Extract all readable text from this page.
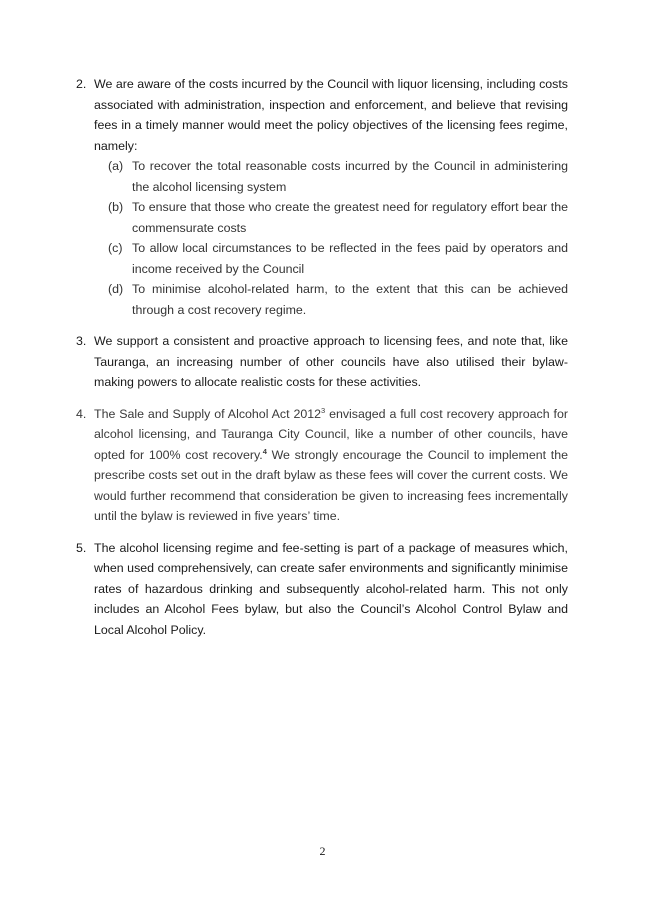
2. We are aware of the costs incurred by the Council with liquor licensing, including costs associated with administration, inspection and enforcement, and believe that revising fees in a timely manner would meet the policy objectives of the licensing fees regime, namely:
(a) To recover the total reasonable costs incurred by the Council in administering the alcohol licensing system
(b) To ensure that those who create the greatest need for regulatory effort bear the commensurate costs
(c) To allow local circumstances to be reflected in the fees paid by operators and income received by the Council
(d) To minimise alcohol-related harm, to the extent that this can be achieved through a cost recovery regime.
3. We support a consistent and proactive approach to licensing fees, and note that, like Tauranga, an increasing number of other councils have also utilised their bylaw-making powers to allocate realistic costs for these activities.
4. The Sale and Supply of Alcohol Act 2012$^3$ envisaged a full cost recovery approach for alcohol licensing, and Tauranga City Council, like a number of other councils, have opted for 100% cost recovery.$^4$ We strongly encourage the Council to implement the prescribe costs set out in the draft bylaw as these fees will cover the current costs. We would further recommend that consideration be given to increasing fees incrementally until the bylaw is reviewed in five years’ time.
5. The alcohol licensing regime and fee-setting is part of a package of measures which, when used comprehensively, can create safer environments and significantly minimise rates of hazardous drinking and subsequently alcohol-related harm. This not only includes an Alcohol Fees bylaw, but also the Council’s Alcohol Control Bylaw and Local Alcohol Policy.
2
